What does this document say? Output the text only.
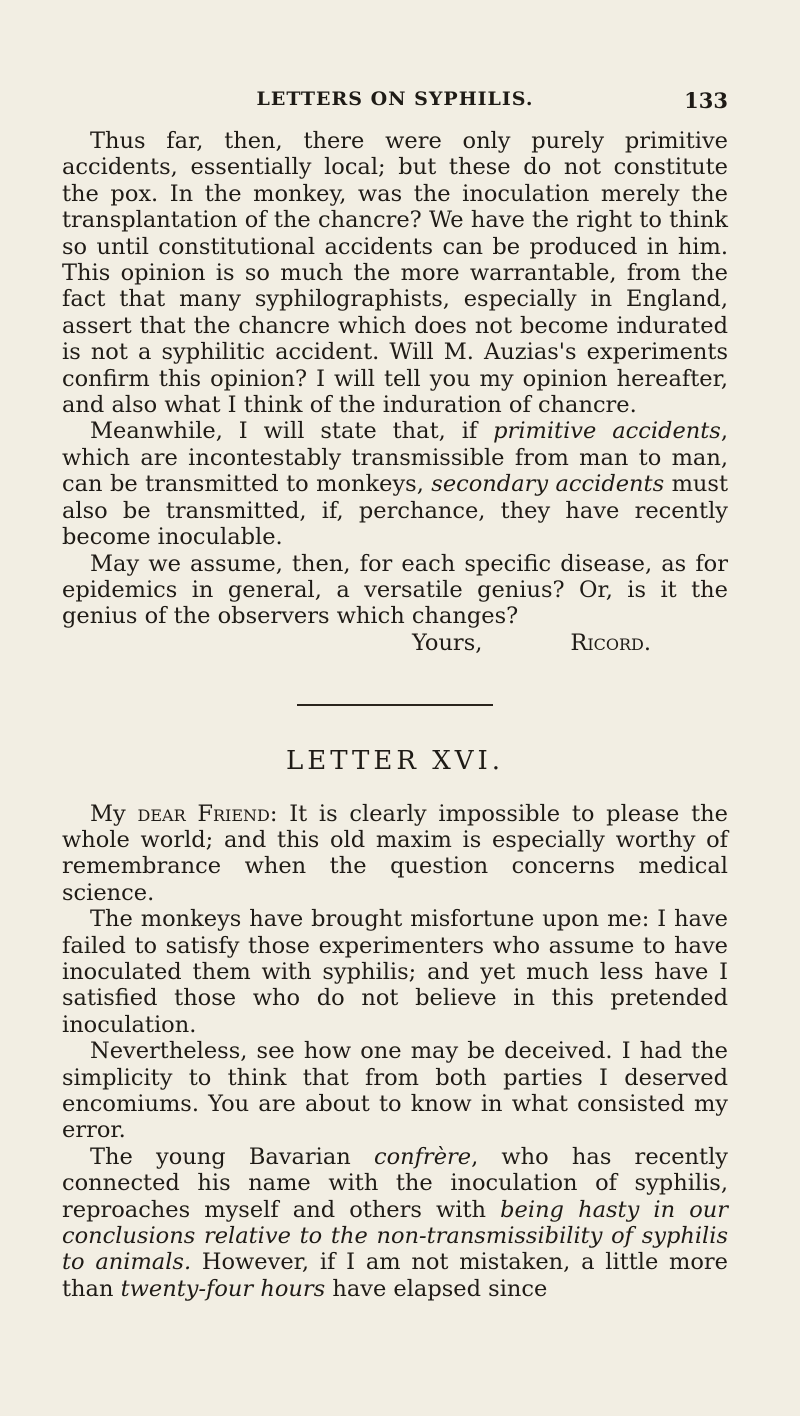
LETTERS ON SYPHILIS.	133

Thus far, then, there were only purely primitive accidents, essentially local; but these do not constitute the pox. In the monkey, was the inoculation merely the transplantation of the chancre? We have the right to think so until constitutional accidents can be produced in him. This opinion is so much the more warrantable, from the fact that many syphilographists, especially in England, assert that the chancre which does not become indurated is not a syphilitic accident. Will M. Auzias's experiments confirm this opinion? I will tell you my opinion hereafter, and also what I think of the induration of chancre.

Meanwhile, I will state that, if primitive accidents, which are incontestably transmissible from man to man, can be transmitted to monkeys, secondary accidents must also be transmitted, if, perchance, they have recently become inoculable.

May we assume, then, for each specific disease, as for epidemics in general, a versatile genius? Or, is it the genius of the observers which changes?

Yours,	Ricord.
LETTER XVI.

My dear Friend: It is clearly impossible to please the whole world; and this old maxim is especially worthy of remembrance when the question concerns medical science.

The monkeys have brought misfortune upon me: I have failed to satisfy those experimenters who assume to have inoculated them with syphilis; and yet much less have I satisfied those who do not believe in this pretended inoculation.

Nevertheless, see how one may be deceived. I had the simplicity to think that from both parties I deserved encomiums. You are about to know in what consisted my error.

The young Bavarian confrère, who has recently connected his name with the inoculation of syphilis, reproaches myself and others with being hasty in our conclusions relative to the non-transmissibility of syphilis to animals. However, if I am not mistaken, a little more than twenty-four hours have elapsed since
